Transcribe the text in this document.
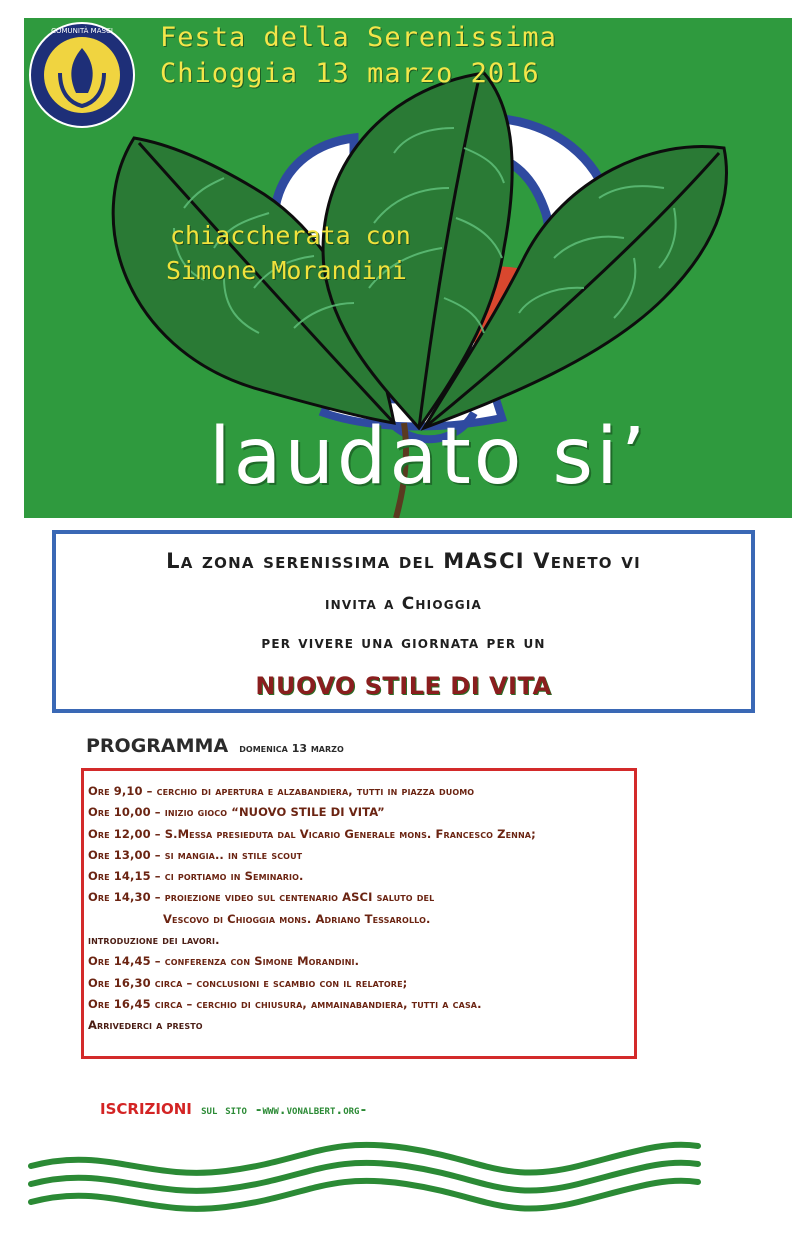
COMUNITÀ MASCI Festa della Serenissima
Chioggia 13 marzo 2016
chiaccherata con
Simone Morandini
laudato si’
La zona serenissima del MASCI Veneto vi
invita a Chioggia
per vivere una giornata per un
NUOVO STILE DI VITA
PROGRAMMA domenica 13 marzo
Ore 9,10 – cerchio di apertura e alzabandiera, tutti in piazza duomo
Ore 10,00 – inizio gioco “NUOVO STILE DI VITA”
Ore 12,00 – S.Messa presieduta dal Vicario Generale mons. Francesco Zenna;
Ore 13,00 – si mangia.. in stile scout
Ore 14,15 – ci portiamo in Seminario.
Ore 14,30 – proiezione video sul centenario ASCI saluto del
Vescovo di Chioggia mons. Adriano Tessarollo.
introduzione dei lavori.
Ore 14,45 – conferenza con Simone Morandini.
Ore 16,30 circa – conclusioni e scambio con il relatore;
Ore 16,45 circa – cerchio di chiusura, ammainabandiera, tutti a casa.
Arrivederci a presto
ISCRIZIONI sul sito -www.vonalbert.org-
